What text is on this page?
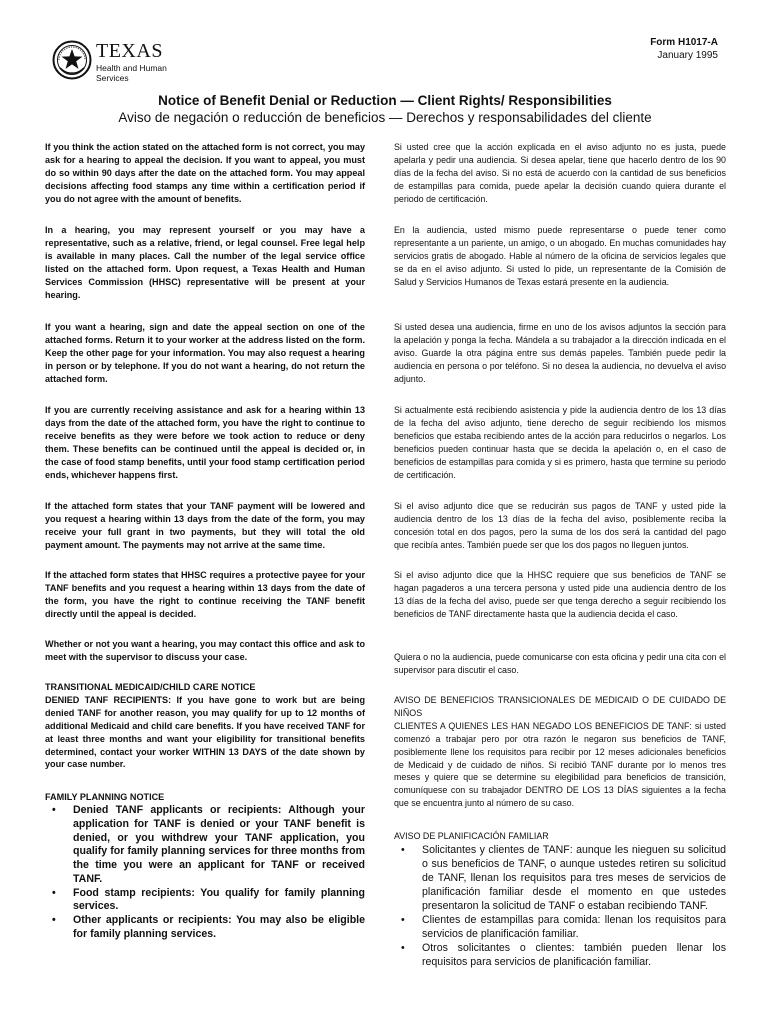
TEXAS
Health and Human
Services
Form H1017-A
January 1995
Notice of Benefit Denial or Reduction — Client Rights/ Responsibilities
Aviso de negación o reducción de beneficios — Derechos y responsabilidades del cliente
If you think the action stated on the attached form is not correct, you may ask for a hearing to appeal the decision. If you want to appeal, you must do so within 90 days after the date on the attached form. You may appeal decisions affecting food stamps any time within a certification period if you do not agree with the amount of benefits.
In a hearing, you may represent yourself or you may have a representative, such as a relative, friend, or legal counsel. Free legal help is available in many places. Call the number of the legal service office listed on the attached form. Upon request, a Texas Health and Human Services Commission (HHSC) representative will be present at your hearing.
If you want a hearing, sign and date the appeal section on one of the attached forms. Return it to your worker at the address listed on the form. Keep the other page for your information. You may also request a hearing in person or by telephone. If you do not want a hearing, do not return the attached form.
If you are currently receiving assistance and ask for a hearing within 13 days from the date of the attached form, you have the right to continue to receive benefits as they were before we took action to reduce or deny them. These benefits can be continued until the appeal is decided or, in the case of food stamp benefits, until your food stamp certification period ends, whichever happens first.
If the attached form states that your TANF payment will be lowered and you request a hearing within 13 days from the date of the form, you may receive your full grant in two payments, but they will total the old payment amount. The payments may not arrive at the same time.
If the attached form states that HHSC requires a protective payee for your TANF benefits and you request a hearing within 13 days from the date of the form, you have the right to continue receiving the TANF benefit directly until the appeal is decided.
Whether or not you want a hearing, you may contact this office and ask to meet with the supervisor to discuss your case.
TRANSITIONAL MEDICAID/CHILD CARE NOTICE
DENIED TANF RECIPIENTS: If you have gone to work but are being denied TANF for another reason, you may qualify for up to 12 months of additional Medicaid and child care benefits. If you have received TANF for at least three months and want your eligibility for transitional benefits determined, contact your worker WITHIN 13 DAYS of the date shown by your case number.
FAMILY PLANNING NOTICE
• Denied TANF applicants or recipients: Although your application for TANF is denied or your TANF benefit is denied, or you withdrew your TANF application, you qualify for family planning services for three months from the time you were an applicant for TANF or received TANF.
• Food stamp recipients: You qualify for family planning services.
• Other applicants or recipients: You may also be eligible for family planning services.
Si usted cree que la acción explicada en el aviso adjunto no es justa, puede apelarla y pedir una audiencia. Si desea apelar, tiene que hacerlo dentro de los 90 días de la fecha del aviso. Si no está de acuerdo con la cantidad de sus beneficios de estampillas para comida, puede apelar la decisión cuando quiera durante el periodo de certificación.
En la audiencia, usted mismo puede representarse o puede tener como representante a un pariente, un amigo, o un abogado. En muchas comunidades hay servicios gratis de abogado. Hable al número de la oficina de servicios legales que se da en el aviso adjunto. Si usted lo pide, un representante de la Comisión de Salud y Servicios Humanos de Texas estará presente en la audiencia.
Si usted desea una audiencia, firme en uno de los avisos adjuntos la sección para la apelación y ponga la fecha. Mándela a su trabajador a la dirección indicada en el aviso. Guarde la otra página entre sus demás papeles. También puede pedir la audiencia en persona o por teléfono. Si no desea la audiencia, no devuelva el aviso adjunto.
Si actualmente está recibiendo asistencia y pide la audiencia dentro de los 13 días de la fecha del aviso adjunto, tiene derecho de seguir recibiendo los mismos beneficios que estaba recibiendo antes de la acción para reducirlos o negarlos. Los beneficios pueden continuar hasta que se decida la apelación o, en el caso de beneficios de estampillas para comida y si es primero, hasta que termine su periodo de certificación.
Si el aviso adjunto dice que se reducirán sus pagos de TANF y usted pide la audiencia dentro de los 13 días de la fecha del aviso, posiblemente reciba la concesión total en dos pagos, pero la suma de los dos será la cantidad del pago que recibía antes. También puede ser que los dos pagos no lleguen juntos.
Si el aviso adjunto dice que la HHSC requiere que sus beneficios de TANF se hagan pagaderos a una tercera persona y usted pide una audiencia dentro de los 13 días de la fecha del aviso, puede ser que tenga derecho a seguir recibiendo los beneficios de TANF directamente hasta que la audiencia decida el caso.
Quiera o no la audiencia, puede comunicarse con esta oficina y pedir una cita con el supervisor para discutir el caso.
AVISO DE BENEFICIOS TRANSICIONALES DE MEDICAID O DE CUIDADO DE NIÑOS
CLIENTES A QUIENES LES HAN NEGADO LOS BENEFICIOS DE TANF: si usted comenzó a trabajar pero por otra razón le negaron sus beneficios de TANF, posiblemente llene los requisitos para recibir por 12 meses adicionales beneficios de Medicaid y de cuidado de niños. Si recibió TANF durante por lo menos tres meses y quiere que se determine su elegibilidad para beneficios de transición, comuníquese con su trabajador DENTRO DE LOS 13 DÍAS siguientes a la fecha que se encuentra junto al número de su caso.
AVISO DE PLANIFICACIÓN FAMILIAR
• Solicitantes y clientes de TANF: aunque les nieguen su solicitud o sus beneficios de TANF, o aunque ustedes retiren su solicitud de TANF, llenan los requisitos para tres meses de servicios de planificación familiar desde el momento en que ustedes presentaron la solicitud de TANF o estaban recibiendo TANF.
• Clientes de estampillas para comida: llenan los requisitos para servicios de planificación familiar.
• Otros solicitantes o clientes: también pueden llenar los requisitos para servicios de planificación familiar.
